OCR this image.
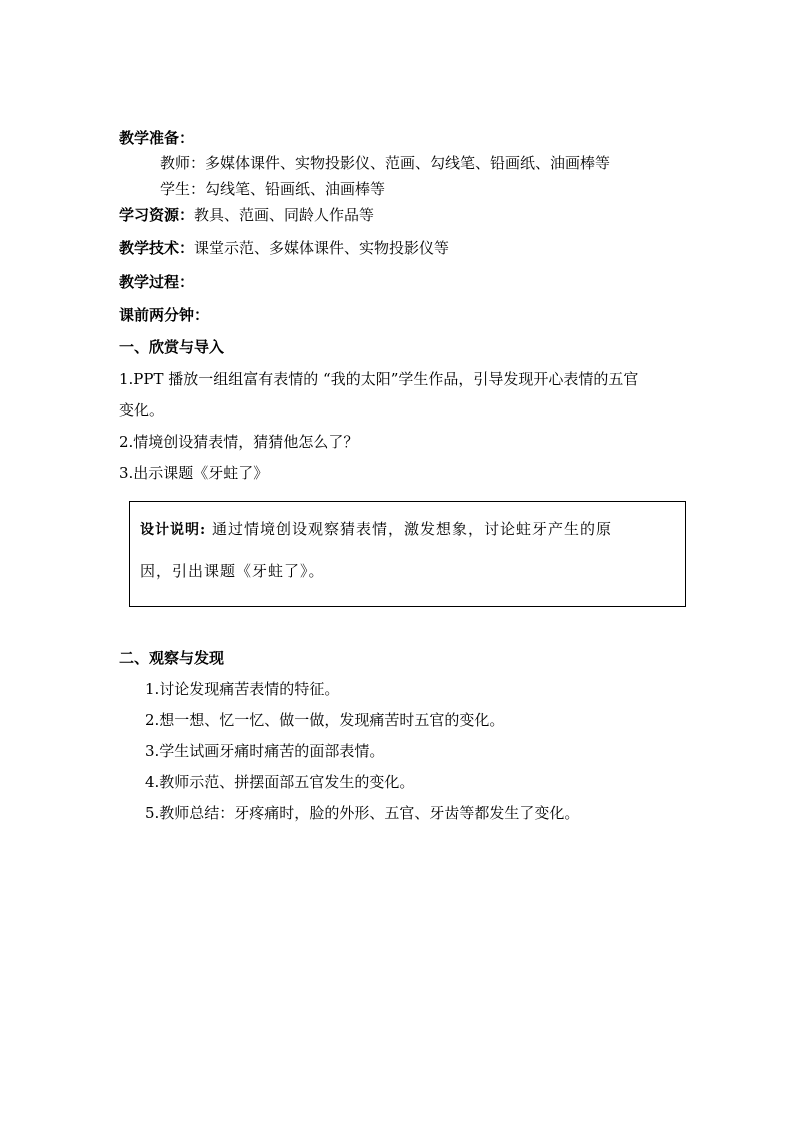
教学准备：
教师：多媒体课件、实物投影仪、范画、勾线笔、铅画纸、油画棒等
学生：勾线笔、铅画纸、油画棒等
学习资源：教具、范画、同龄人作品等
教学技术：课堂示范、多媒体课件、实物投影仪等
教学过程：
课前两分钟：
一、欣赏与导入
1.PPT 播放一组组富有表情的 “我的太阳”学生作品，引导发现开心表情的五官
变化。
2.情境创设猜表情，猜猜他怎么了？
3.出示课题《牙蛀了》
设计说明: 通过情境创设观察猜表情，激发想象，讨论蛀牙产生的原
因，引出课题《牙蛀了》。
二、观察与发现
1.讨论发现痛苦表情的特征。
2.想一想、忆一忆、做一做，发现痛苦时五官的变化。
3.学生试画牙痛时痛苦的面部表情。
4.教师示范、拼摆面部五官发生的变化。
5.教师总结：牙疼痛时，脸的外形、五官、牙齿等都发生了变化。
